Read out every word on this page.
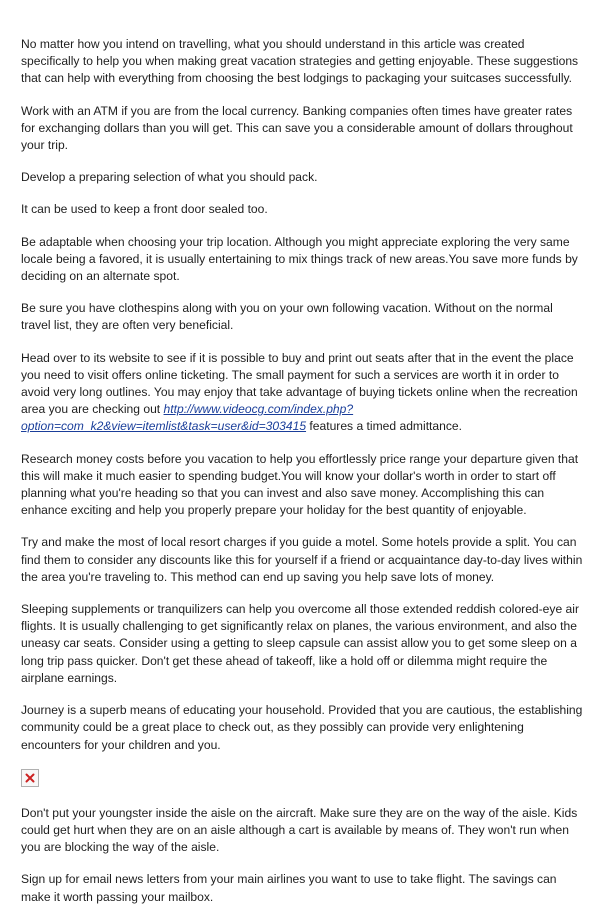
No matter how you intend on travelling, what you should understand in this article was created specifically to help you when making great vacation strategies and getting enjoyable. These suggestions that can help with everything from choosing the best lodgings to packaging your suitcases successfully.

Work with an ATM if you are from the local currency. Banking companies often times have greater rates for exchanging dollars than you will get. This can save you a considerable amount of dollars throughout your trip.

Develop a preparing selection of what you should pack.

It can be used to keep a front door sealed too.

Be adaptable when choosing your trip location. Although you might appreciate exploring the very same locale being a favored, it is usually entertaining to mix things track of new areas.You save more funds by deciding on an alternate spot.

Be sure you have clothespins along with you on your own following vacation. Without on the normal travel list, they are often very beneficial.

Head over to its website to see if it is possible to buy and print out seats after that in the event the place you need to visit offers online ticketing. The small payment for such a services are worth it in order to avoid very long outlines. You may enjoy that take advantage of buying tickets online when the recreation area you are checking out http://www.videocg.com/index.php?option=com_k2&view=itemlist&task=user&id=303415 features a timed admittance.

Research money costs before you vacation to help you effortlessly price range your departure given that this will make it much easier to spending budget.You will know your dollar's worth in order to start off planning what you're heading so that you can invest and also save money. Accomplishing this can enhance exciting and help you properly prepare your holiday for the best quantity of enjoyable.

Try and make the most of local resort charges if you guide a motel. Some hotels provide a split. You can find them to consider any discounts like this for yourself if a friend or acquaintance day-to-day lives within the area you're traveling to. This method can end up saving you help save lots of money.

Sleeping supplements or tranquilizers can help you overcome all those extended reddish colored-eye air flights. It is usually challenging to get significantly relax on planes, the various environment, and also the uneasy car seats. Consider using a getting to sleep capsule can assist allow you to get some sleep on a long trip pass quicker. Don't get these ahead of takeoff, like a hold off or dilemma might require the airplane earnings.

Journey is a superb means of educating your household. Provided that you are cautious, the establishing community could be a great place to check out, as they possibly can provide very enlightening encounters for your children and you.

Don't put your youngster inside the aisle on the aircraft. Make sure they are on the way of the aisle. Kids could get hurt when they are on an aisle although a cart is available by means of. They won't run when you are blocking the way of the aisle.

Sign up for email news letters from your main airlines you want to use to take flight. The savings can make it worth passing your mailbox.
